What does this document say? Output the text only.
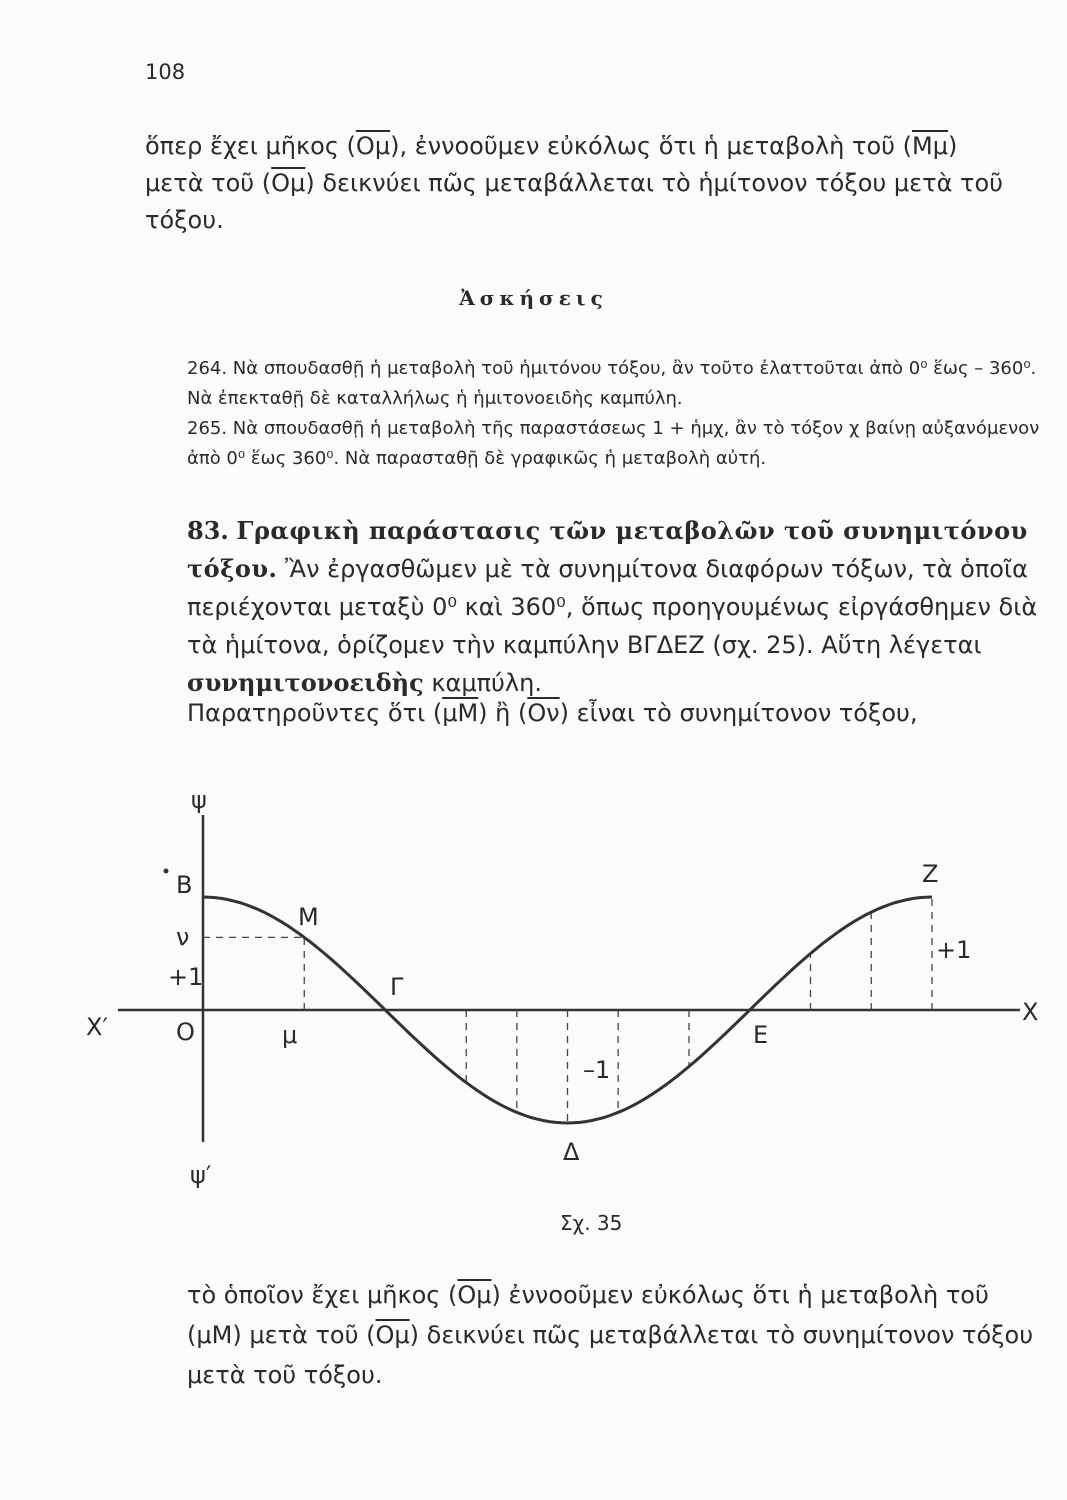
108
ὅπερ ἔχει μῆκος $(\overline{O\mu})$, ἐννοοῦμεν εὐκόλως ὅτι ἡ μεταβολὴ τοῦ $(\overline{M\mu})$ μετὰ τοῦ $(\overline{O\mu})$ δεικνύει πῶς μεταβάλλεται τὸ ἡμίτονον τόξου μετὰ τοῦ τόξου.
Ἀσκήσεις
264. Νὰ σπουδασθῇ ἡ μεταβολὴ τοῦ ἡμιτόνου τόξου, ἂν τοῦτο ἐλαττοῦται ἀπὸ 0⁰ ἕως – 360⁰. Νὰ ἐπεκταθῇ δὲ καταλλήλως ἡ ἡμιτονοειδὴς καμπύλη.
265. Νὰ σπουδασθῇ ἡ μεταβολὴ τῆς παραστάσεως 1 + ἡμχ, ἂν τὸ τόξον χ βαίνῃ αὐξανόμενον ἀπὸ 0⁰ ἕως 360⁰. Νὰ παρασταθῇ δὲ γραφικῶς ἡ μεταβολὴ αὐτή.
83. Γραφικὴ παράστασις τῶν μεταβολῶν τοῦ συνημιτόνου τόξου. Ἂν ἐργασθῶμεν μὲ τὰ συνημίτονα διαφόρων τόξων, τὰ ὁποῖα περιέχονται μεταξὺ 0⁰ καὶ 360⁰, ὅπως προηγουμένως εἰργάσθημεν διὰ τὰ ἡμίτονα, ὁρίζομεν τὴν καμπύλην ΒΓΔΕΖ (σχ. 25). Αὕτη λέγεται συνημιτονοειδὴς καμπύλη.
Παρατηροῦντες ὅτι $(\overline{\mu M})$ ἢ $(\overline{O\nu})$ εἶναι τὸ συνημίτονον τόξου,
ψ
ψ′
Χ
Χ′	Ο
Β
ν
+1
Μ
μ
Γ
Δ
–1
Ε
Ζ
+1
Σχ. 35
τὸ ὁποῖον ἔχει μῆκος $(\overline{O\mu})$ ἐννοοῦμεν εὐκόλως ὅτι ἡ μεταβολὴ τοῦ (μΜ) μετὰ τοῦ $(\overline{O\mu})$ δεικνύει πῶς μεταβάλλεται τὸ συνημίτονον τόξου μετὰ τοῦ τόξου.
